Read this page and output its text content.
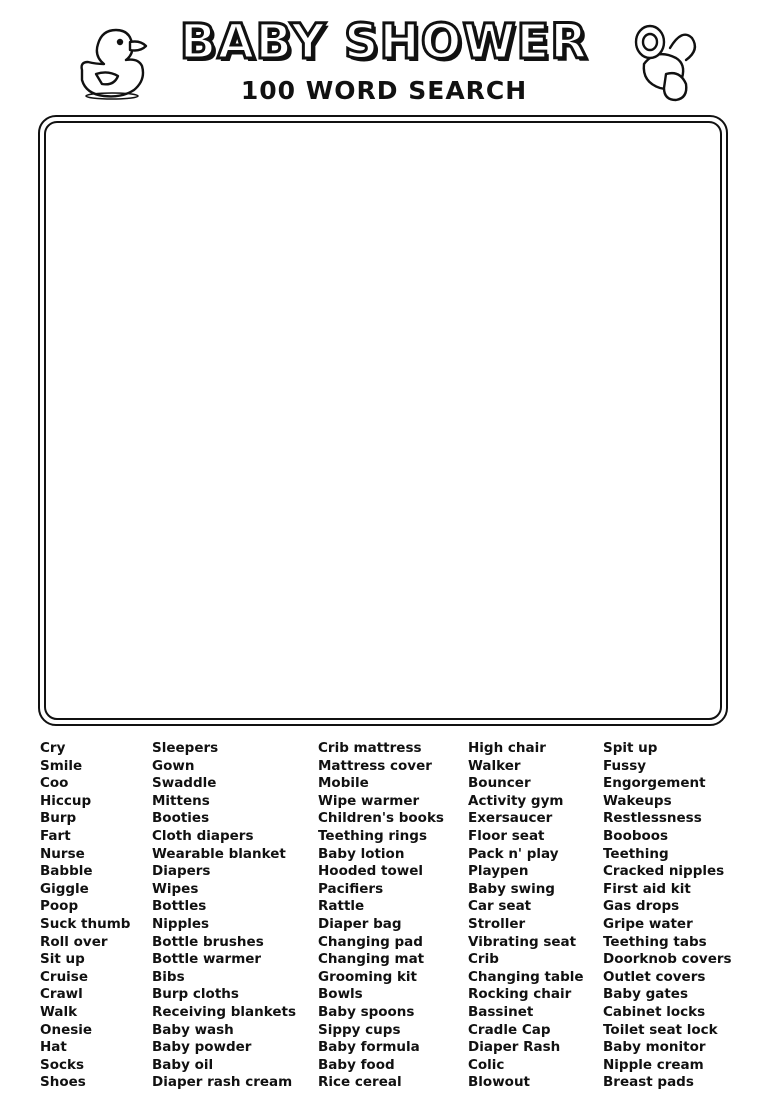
BABY SHOWER
100 WORD SEARCH
Cry
Smile
Coo
Hiccup
Burp
Fart
Nurse
Babble
Giggle
Poop
Suck thumb
Roll over
Sit up
Cruise
Crawl
Walk
Onesie
Hat
Socks
Shoes
Sleepers
Gown
Swaddle
Mittens
Booties
Cloth diapers
Wearable blanket
Diapers
Wipes
Bottles
Nipples
Bottle brushes
Bottle warmer
Bibs
Burp cloths
Receiving blankets
Baby wash
Baby powder
Baby oil
Diaper rash cream
Crib mattress
Mattress cover
Mobile
Wipe warmer
Children's books
Teething rings
Baby lotion
Hooded towel
Pacifiers
Rattle
Diaper bag
Changing pad
Changing mat
Grooming kit
Bowls
Baby spoons
Sippy cups
Baby formula
Baby food
Rice cereal
High chair
Walker
Bouncer
Activity gym
Exersaucer
Floor seat
Pack n' play
Playpen
Baby swing
Car seat
Stroller
Vibrating seat
Crib
Changing table
Rocking chair
Bassinet
Cradle Cap
Diaper Rash
Colic
Blowout
Spit up
Fussy
Engorgement
Wakeups
Restlessness
Booboos
Teething
Cracked nipples
First aid kit
Gas drops
Gripe water
Teething tabs
Doorknob covers
Outlet covers
Baby gates
Cabinet locks
Toilet seat lock
Baby monitor
Nipple cream
Breast pads
